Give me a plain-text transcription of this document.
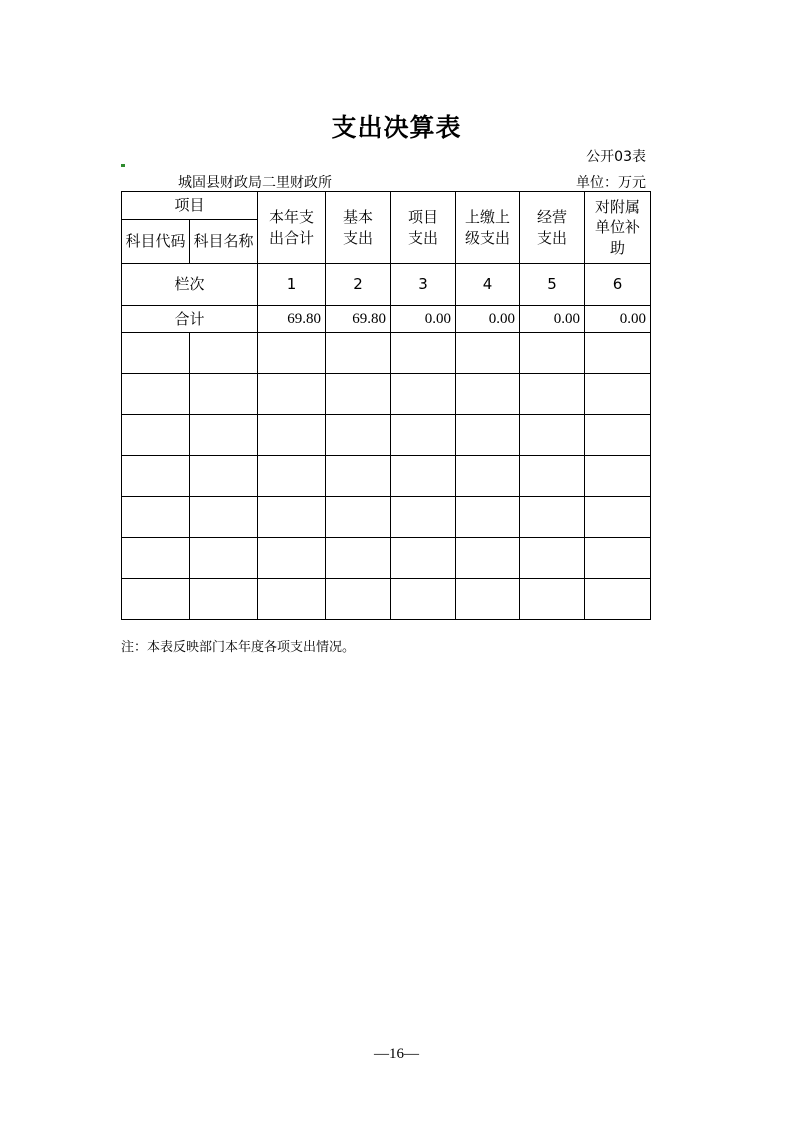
支出决算表
公开03表
城固县财政局二里财政所	单位：万元
项目		本年支出合计	基本支出	项目支出	上缴上级支出	经营支出	对附属单位补助
科目代码	科目名称						
栏次		1	2	3	4	5	6
合计		69.80	69.80	0.00	0.00	0.00	0.00

注：本表反映部门本年度各项支出情况。
—16—
